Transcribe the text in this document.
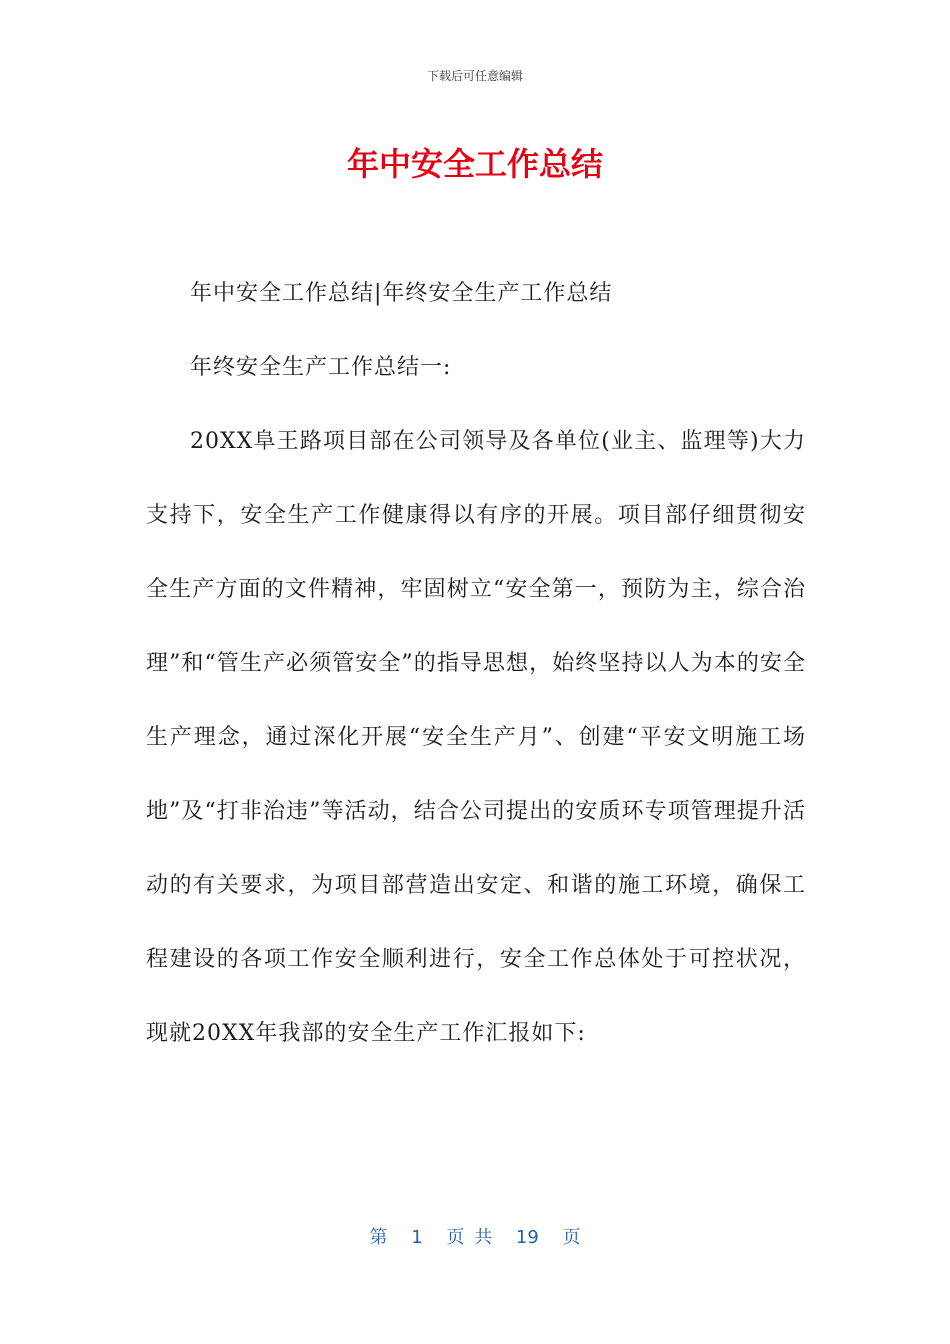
下载后可任意编辑
年中安全工作总结

年中安全工作总结|年终安全生产工作总结

年终安全生产工作总结一:

20XX阜王路项目部在公司领导及各单位(业主、监理等)大力支持下，安全生产工作健康得以有序的开展。项目部仔细贯彻安全生产方面的文件精神，牢固树立“安全第一，预防为主，综合治理”和“管生产必须管安全”的指导思想，始终坚持以人为本的安全生产理念，通过深化开展“安全生产月”、创建“平安文明施工场地”及“打非治违”等活动，结合公司提出的安质环专项管理提升活动的有关要求，为项目部营造出安定、和谐的施工环境，确保工程建设的各项工作安全顺利进行，安全工作总体处于可控状况，现就20XX年我部的安全生产工作汇报如下:

第 1 页 共 19 页
